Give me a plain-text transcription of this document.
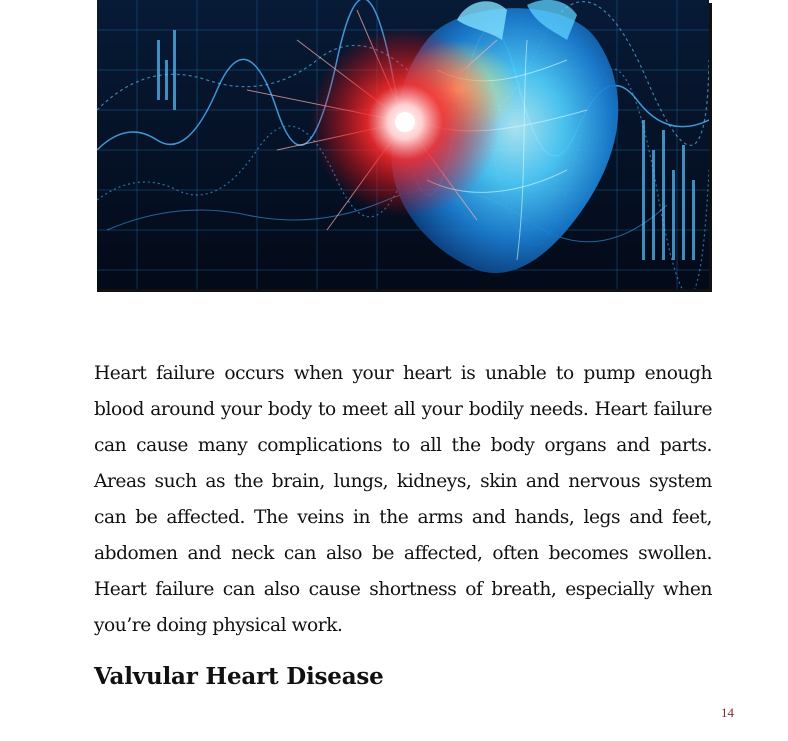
Heart failure occurs when your heart is unable to pump enough blood around your body to meet all your bodily needs. Heart failure can cause many complications to all the body organs and parts. Areas such as the brain, lungs, kidneys, skin and nervous system can be affected. The veins in the arms and hands, legs and feet, abdomen and neck can also be affected, often becomes swollen. Heart failure can also cause shortness of breath, especially when you’re doing physical work.

Valvular Heart Disease
14
